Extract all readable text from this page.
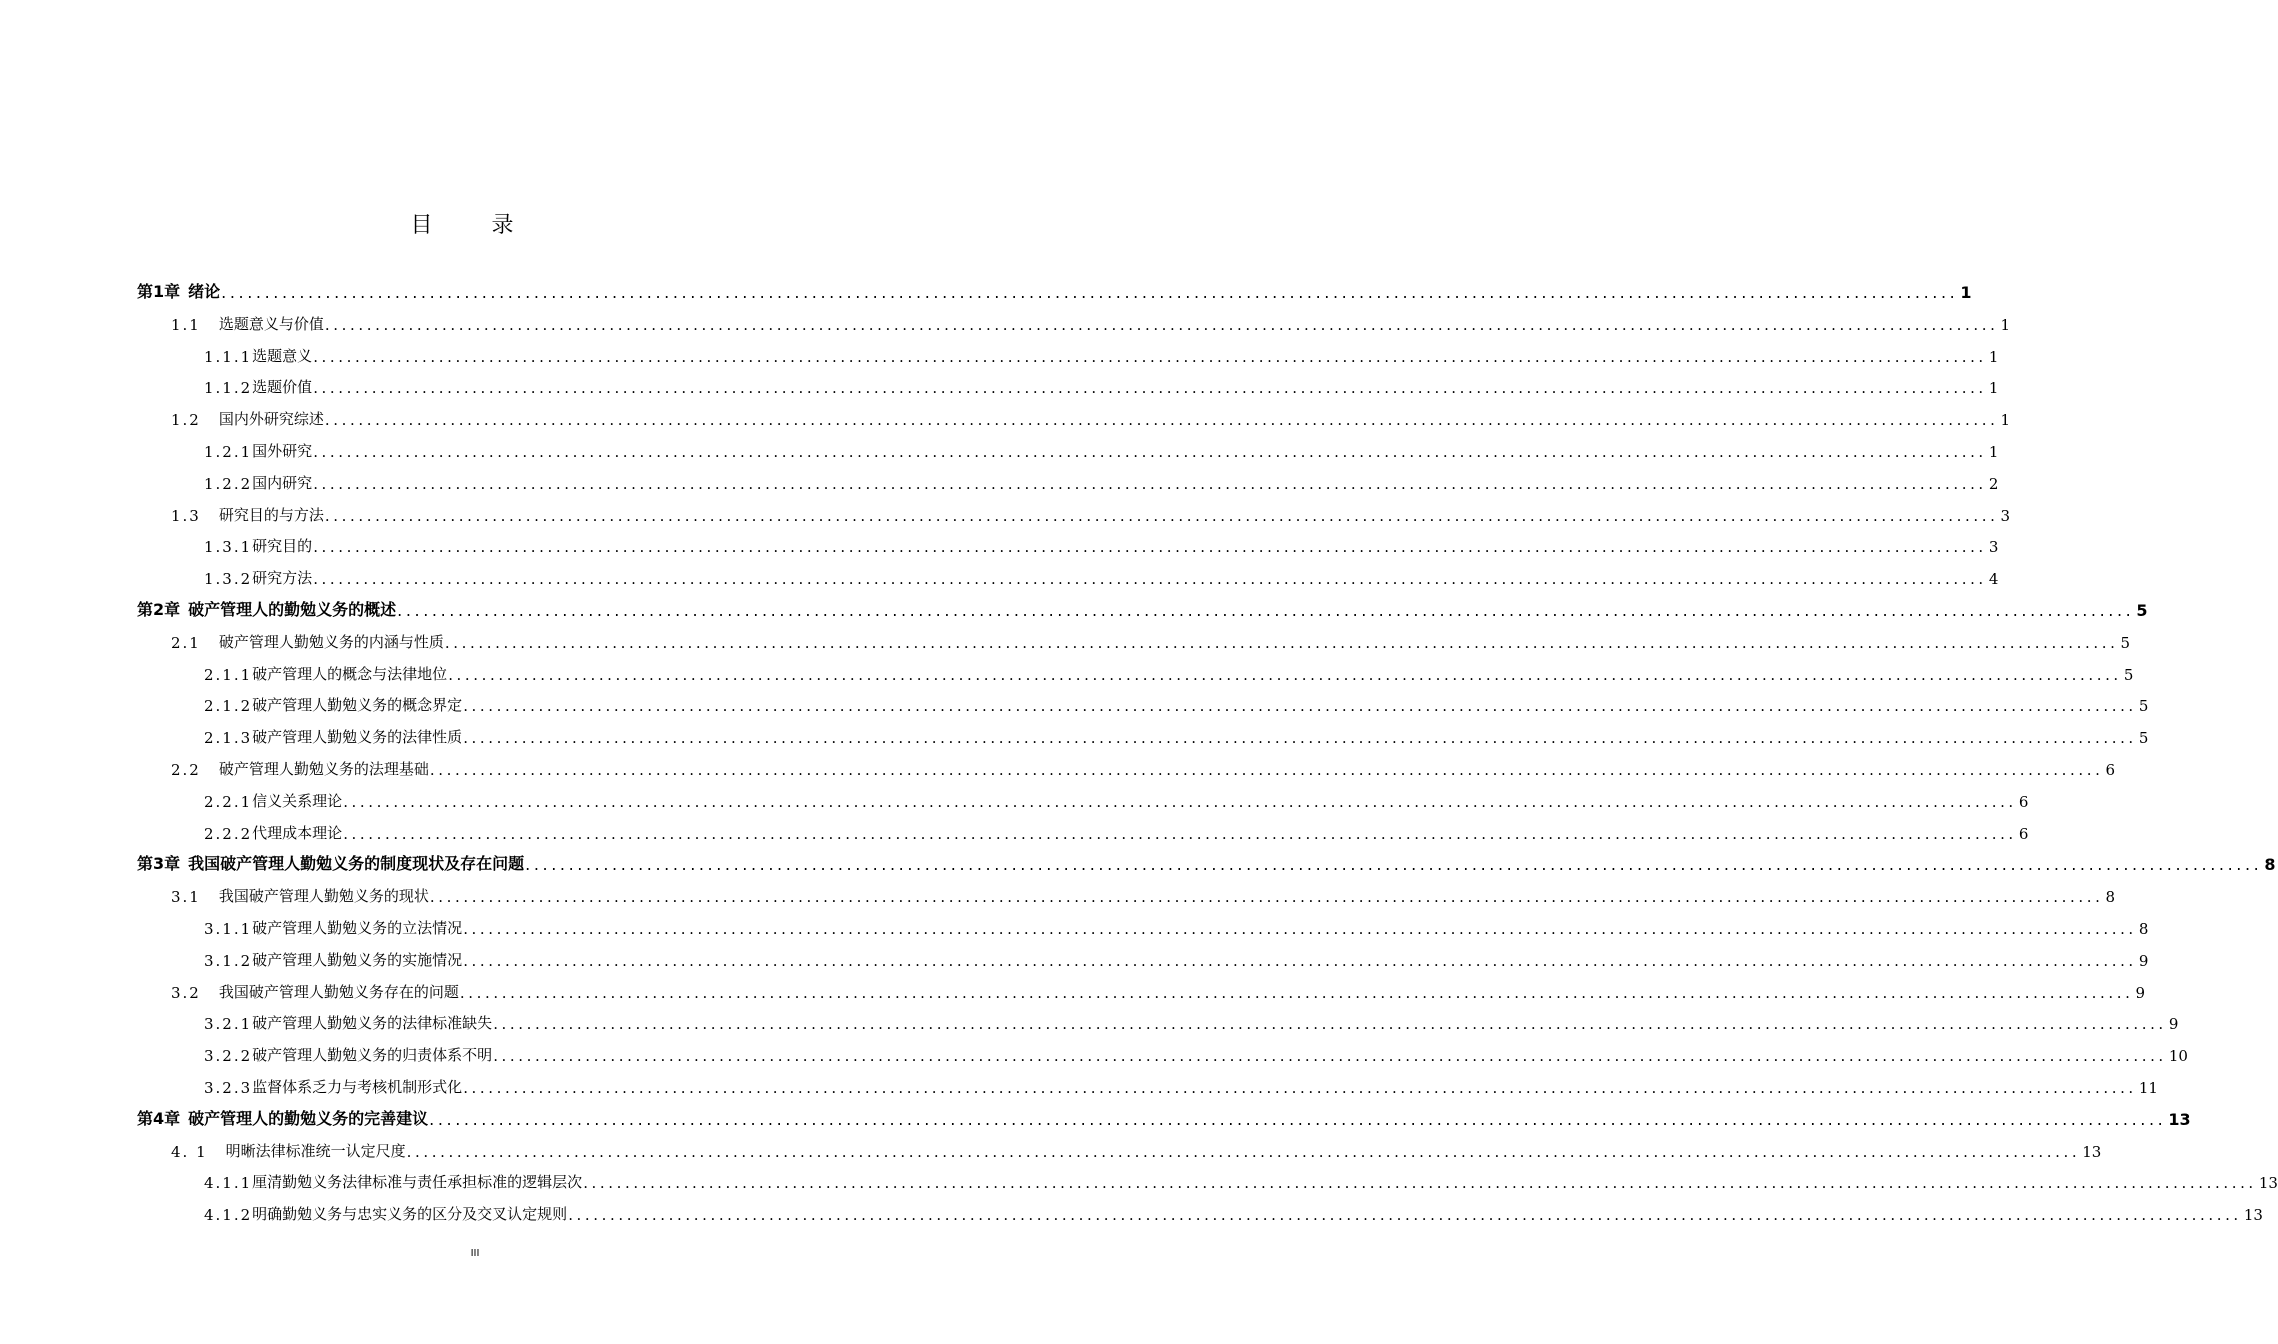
目 录
第1章 绪论 ........................................................................................................................................................................................................ 1
1.1 选题意义与价值 ........................................................................................................................................................................................................ 1
1.1.1 选题意义 ........................................................................................................................................................................................................ 1
1.1.2 选题价值 ........................................................................................................................................................................................................ 1
1.2 国内外研究综述 ........................................................................................................................................................................................................ 1
1.2.1 国外研究 ........................................................................................................................................................................................................ 1
1.2.2 国内研究 ........................................................................................................................................................................................................ 2
1.3 研究目的与方法 ........................................................................................................................................................................................................ 3
1.3.1 研究目的 ........................................................................................................................................................................................................ 3
1.3.2 研究方法 ........................................................................................................................................................................................................ 4
第2章 破产管理人的勤勉义务的概述 ........................................................................................................................................................................................................ 5
2.1 破产管理人勤勉义务的内涵与性质 ........................................................................................................................................................................................................ 5
2.1.1 破产管理人的概念与法律地位 ........................................................................................................................................................................................................ 5
2.1.2 破产管理人勤勉义务的概念界定 ........................................................................................................................................................................................................ 5
2.1.3 破产管理人勤勉义务的法律性质 ........................................................................................................................................................................................................ 5
2.2 破产管理人勤勉义务的法理基础 ........................................................................................................................................................................................................ 6
2.2.1 信义关系理论 ........................................................................................................................................................................................................ 6
2.2.2 代理成本理论 ........................................................................................................................................................................................................ 6
第3章 我国破产管理人勤勉义务的制度现状及存在问题 ........................................................................................................................................................................................................ 8
3.1 我国破产管理人勤勉义务的现状 ........................................................................................................................................................................................................ 8
3.1.1 破产管理人勤勉义务的立法情况 ........................................................................................................................................................................................................ 8
3.1.2 破产管理人勤勉义务的实施情况 ........................................................................................................................................................................................................ 9
3.2 我国破产管理人勤勉义务存在的问题 ........................................................................................................................................................................................................ 9
3.2.1 破产管理人勤勉义务的法律标准缺失 ........................................................................................................................................................................................................ 9
3.2.2 破产管理人勤勉义务的归责体系不明 ........................................................................................................................................................................................................ 10
3.2.3 监督体系乏力与考核机制形式化 ........................................................................................................................................................................................................ 11
第4章 破产管理人的勤勉义务的完善建议 ........................................................................................................................................................................................................ 13
4. 1 明晰法律标准统一认定尺度 ........................................................................................................................................................................................................ 13
4.1.1 厘清勤勉义务法律标准与责任承担标准的逻辑层次 ........................................................................................................................................................................................................ 13
4.1.2 明确勤勉义务与忠实义务的区分及交叉认定规则 ........................................................................................................................................................................................................ 13
III
